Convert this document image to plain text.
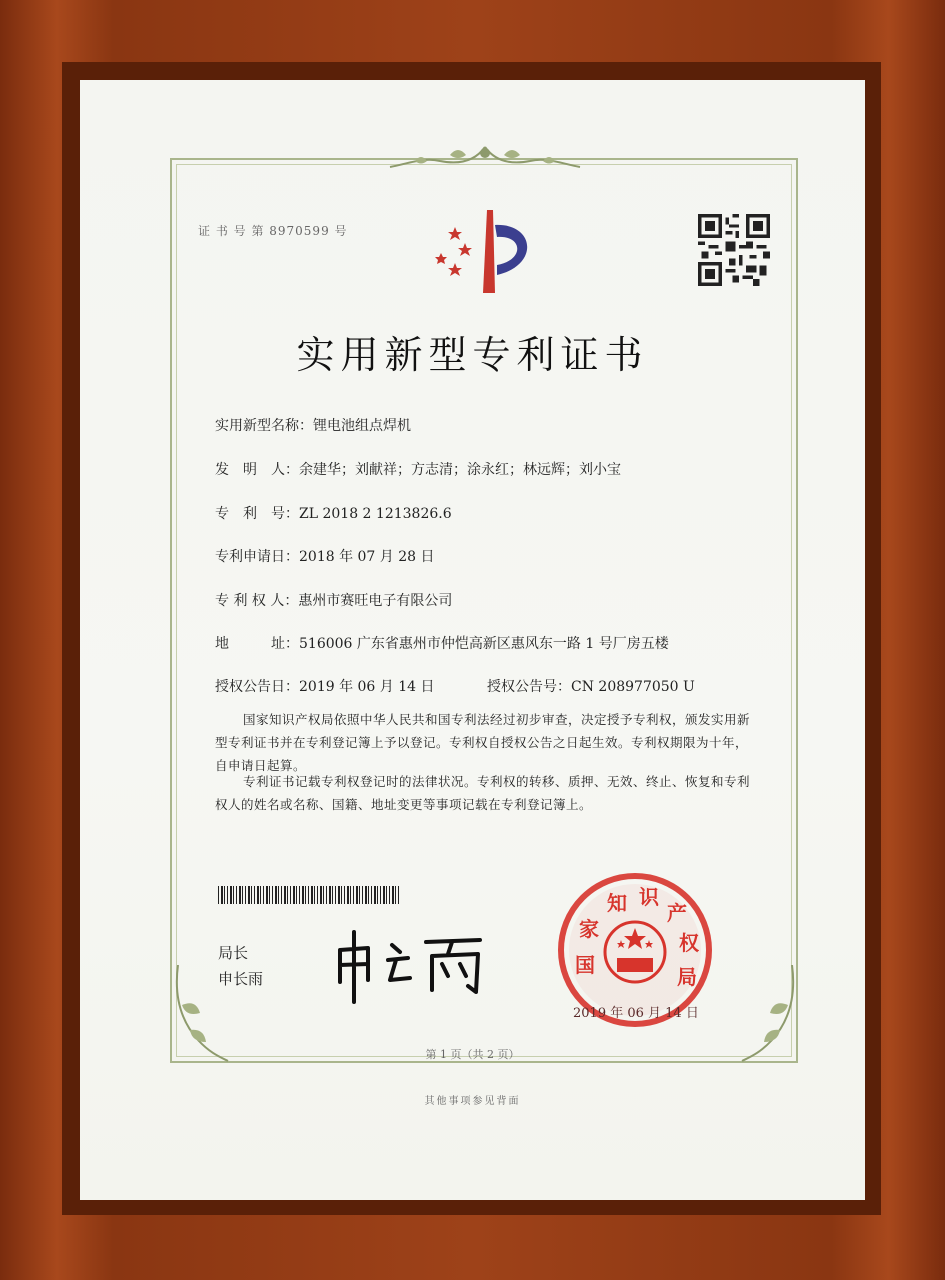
证 书 号 第 8970599 号
实用新型专利证书
实用新型名称：锂电池组点焊机
发　明　人：余建华；刘献祥；方志清；涂永红；林远辉；刘小宝
专　利　号：ZL 2018 2 1213826.6
专利申请日：2018 年 07 月 28 日
专 利 权 人：惠州市赛旺电子有限公司
地　　　址：516006 广东省惠州市仲恺高新区惠风东一路 1 号厂房五楼
授权公告日：2019 年 06 月 14 日	授权公告号：CN 208977050 U
国家知识产权局依照中华人民共和国专利法经过初步审查，决定授予专利权，颁发实用新型专利证书并在专利登记簿上予以登记。专利权自授权公告之日起生效。专利权期限为十年，自申请日起算。
专利证书记载专利权登记时的法律状况。专利权的转移、质押、无效、终止、恢复和专利权人的姓名或名称、国籍、地址变更等事项记载在专利登记簿上。
局长
申长雨
国
家
知 识
产
权
局
2019 年 06 月 14 日
第 1 页（共 2 页）
其他事项参见背面
